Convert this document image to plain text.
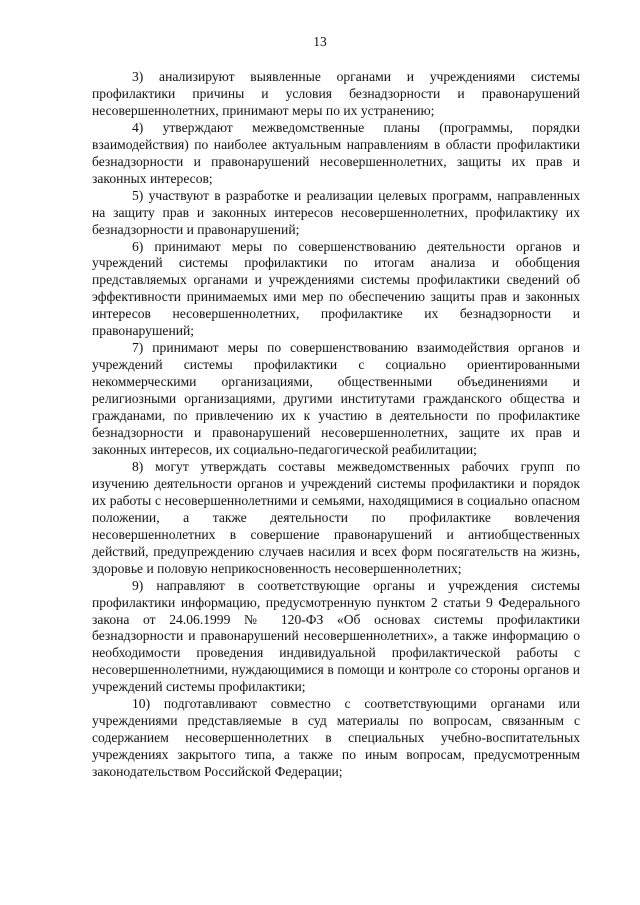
13

3) анализируют выявленные органами и учреждениями системы профилактики причины и условия безнадзорности и правонарушений несовершеннолетних, принимают меры по их устранению;

4) утверждают межведомственные планы (программы, порядки взаимодействия) по наиболее актуальным направлениям в области профилактики безнадзорности и правонарушений несовершеннолетних, защиты их прав и законных интересов;

5) участвуют в разработке и реализации целевых программ, направленных на защиту прав и законных интересов несовершеннолетних, профилактику их безнадзорности и правонарушений;

6) принимают меры по совершенствованию деятельности органов и учреждений системы профилактики по итогам анализа и обобщения представляемых органами и учреждениями системы профилактики сведений об эффективности принимаемых ими мер по обеспечению защиты прав и законных интересов несовершеннолетних, профилактике их безнадзорности и правонарушений;

7) принимают меры по совершенствованию взаимодействия органов и учреждений системы профилактики с социально ориентированными некоммерческими организациями, общественными объединениями и религиозными организациями, другими институтами гражданского общества и гражданами, по привлечению их к участию в деятельности по профилактике безнадзорности и правонарушений несовершеннолетних, защите их прав и законных интересов, их социально-педагогической реабилитации;

8) могут утверждать составы межведомственных рабочих групп по изучению деятельности органов и учреждений системы профилактики и порядок их работы с несовершеннолетними и семьями, находящимися в социально опасном положении, а также деятельности по профилактике вовлечения несовершеннолетних в совершение правонарушений и антиобщественных действий, предупреждению случаев насилия и всех форм посягательств на жизнь, здоровье и половую неприкосновенность несовершеннолетних;

9) направляют в соответствующие органы и учреждения системы профилактики информацию, предусмотренную пунктом 2 статьи 9 Федерального закона от 24.06.1999 № 120-ФЗ «Об основах системы профилактики безнадзорности и правонарушений несовершеннолетних», а также информацию о необходимости проведения индивидуальной профилактической работы с несовершеннолетними, нуждающимися в помощи и контроле со стороны органов и учреждений системы профилактики;

10) подготавливают совместно с соответствующими органами или учреждениями представляемые в суд материалы по вопросам, связанным с содержанием несовершеннолетних в специальных учебно-воспитательных учреждениях закрытого типа, а также по иным вопросам, предусмотренным законодательством Российской Федерации;
